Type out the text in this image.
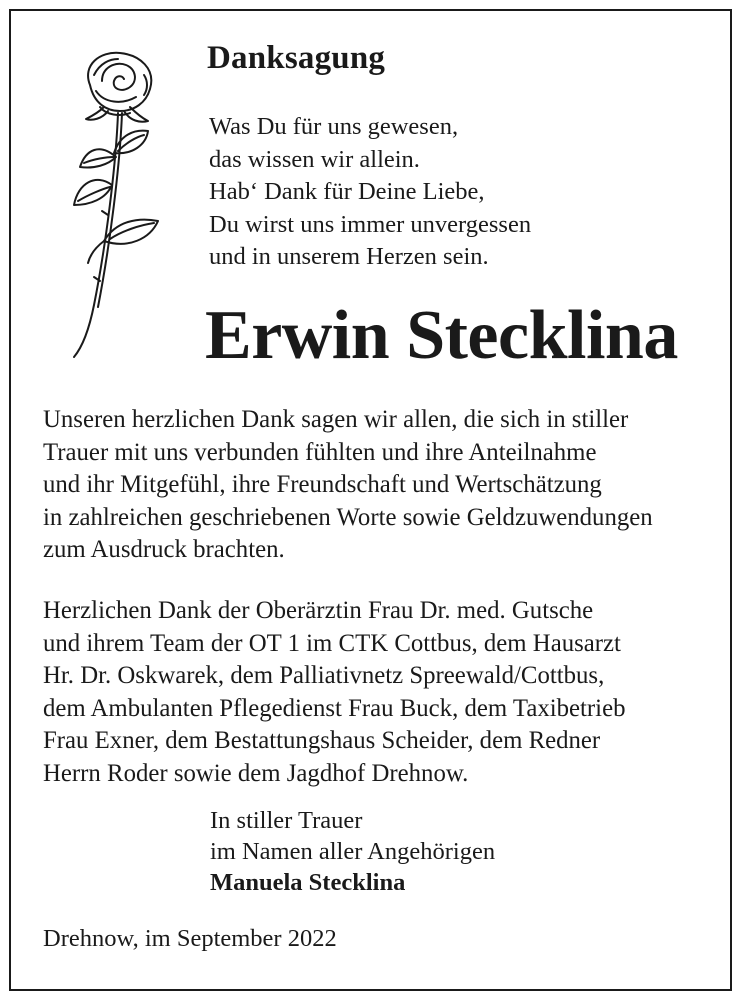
Danksagung
Was Du für uns gewesen,
das wissen wir allein.
Hab‘ Dank für Deine Liebe,
Du wirst uns immer unvergessen
und in unserem Herzen sein.
Erwin Stecklina
Unseren herzlichen Dank sagen wir allen, die sich in stiller
Trauer mit uns verbunden fühlten und ihre Anteilnahme
und ihr Mitgefühl, ihre Freundschaft und Wertschätzung
in zahlreichen geschriebenen Worte sowie Geldzuwendungen
zum Ausdruck brachten.
Herzlichen Dank der Oberärztin Frau Dr. med. Gutsche
und ihrem Team der OT 1 im CTK Cottbus, dem Hausarzt
Hr. Dr. Oskwarek, dem Palliativnetz Spreewald/Cottbus,
dem Ambulanten Pflegedienst Frau Buck, dem Taxibetrieb
Frau Exner, dem Bestattungshaus Scheider, dem Redner
Herrn Roder sowie dem Jagdhof Drehnow.
In stiller Trauer
im Namen aller Angehörigen
Manuela Stecklina
Drehnow, im September 2022
